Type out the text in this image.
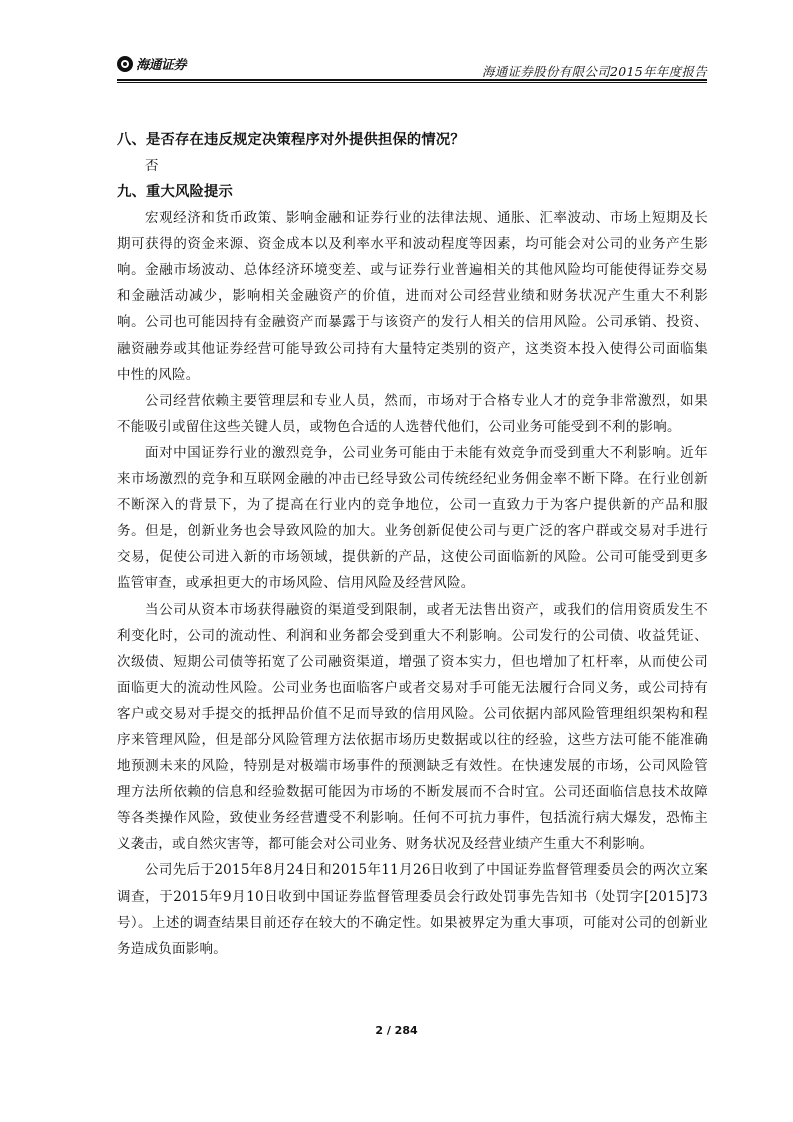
海通证券	海通证券股份有限公司2015年年度报告
八、是否存在违反规定决策程序对外提供担保的情况？

否

九、重大风险提示

宏观经济和货币政策、影响金融和证券行业的法律法规、通胀、汇率波动、市场上短期及长期可获得的资金来源、资金成本以及利率水平和波动程度等因素，均可能会对公司的业务产生影响。金融市场波动、总体经济环境变差、或与证券行业普遍相关的其他风险均可能使得证券交易和金融活动减少，影响相关金融资产的价值，进而对公司经营业绩和财务状况产生重大不利影响。公司也可能因持有金融资产而暴露于与该资产的发行人相关的信用风险。公司承销、投资、融资融券或其他证券经营可能导致公司持有大量特定类别的资产，这类资本投入使得公司面临集中性的风险。

公司经营依赖主要管理层和专业人员，然而，市场对于合格专业人才的竞争非常激烈，如果不能吸引或留住这些关键人员，或物色合适的人选替代他们，公司业务可能受到不利的影响。

面对中国证券行业的激烈竞争，公司业务可能由于未能有效竞争而受到重大不利影响。近年来市场激烈的竞争和互联网金融的冲击已经导致公司传统经纪业务佣金率不断下降。在行业创新不断深入的背景下，为了提高在行业内的竞争地位，公司一直致力于为客户提供新的产品和服务。但是，创新业务也会导致风险的加大。业务创新促使公司与更广泛的客户群或交易对手进行交易，促使公司进入新的市场领域，提供新的产品，这使公司面临新的风险。公司可能受到更多监管审查，或承担更大的市场风险、信用风险及经营风险。

当公司从资本市场获得融资的渠道受到限制，或者无法售出资产，或我们的信用资质发生不利变化时，公司的流动性、利润和业务都会受到重大不利影响。公司发行的公司债、收益凭证、次级债、短期公司债等拓宽了公司融资渠道，增强了资本实力，但也增加了杠杆率，从而使公司面临更大的流动性风险。公司业务也面临客户或者交易对手可能无法履行合同义务，或公司持有客户或交易对手提交的抵押品价值不足而导致的信用风险。公司依据内部风险管理组织架构和程序来管理风险，但是部分风险管理方法依据市场历史数据或以往的经验，这些方法可能不能准确地预测未来的风险，特别是对极端市场事件的预测缺乏有效性。在快速发展的市场，公司风险管理方法所依赖的信息和经验数据可能因为市场的不断发展而不合时宜。公司还面临信息技术故障等各类操作风险，致使业务经营遭受不利影响。任何不可抗力事件，包括流行病大爆发，恐怖主义袭击，或自然灾害等，都可能会对公司业务、财务状况及经营业绩产生重大不利影响。

公司先后于2015年8月24日和2015年11月26日收到了中国证券监督管理委员会的两次立案调查，于2015年9月10日收到中国证券监督管理委员会行政处罚事先告知书（处罚字[2015]73号）。上述的调查结果目前还存在较大的不确定性。如果被界定为重大事项，可能对公司的创新业务造成负面影响。

2 / 284
